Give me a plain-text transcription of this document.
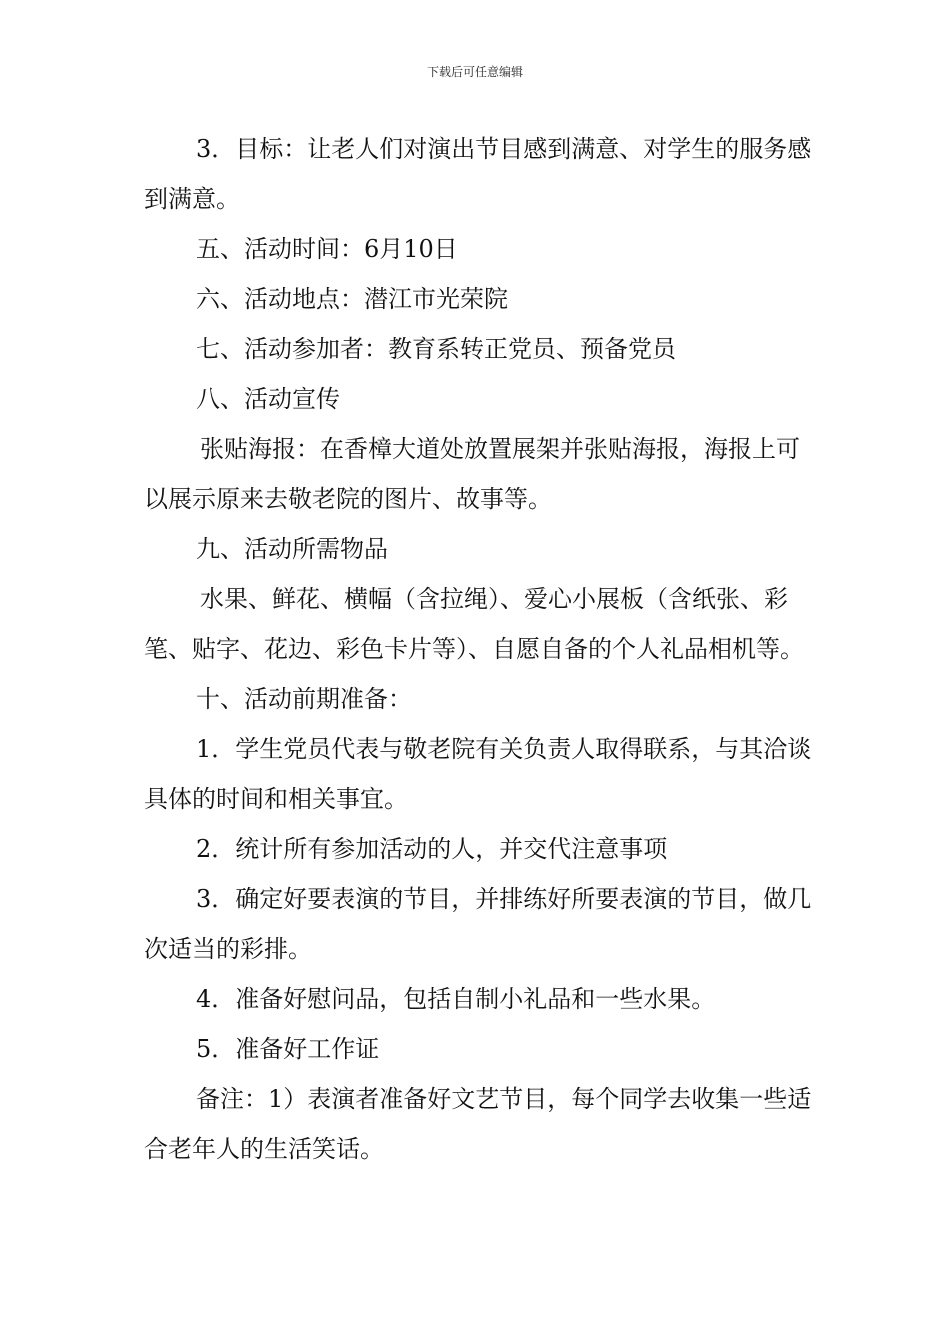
下载后可任意编辑

3．目标：让老人们对演出节目感到满意、对学生的服务感到满意。

五、活动时间：6月10日

六、活动地点：潜江市光荣院

七、活动参加者：教育系转正党员、预备党员

八、活动宣传

张贴海报：在香樟大道处放置展架并张贴海报，海报上可以展示原来去敬老院的图片、故事等。

九、活动所需物品

水果、鲜花、横幅（含拉绳）、爱心小展板（含纸张、彩笔、贴字、花边、彩色卡片等）、自愿自备的个人礼品相机等。

十、活动前期准备：

1．学生党员代表与敬老院有关负责人取得联系，与其洽谈具体的时间和相关事宜。

2．统计所有参加活动的人，并交代注意事项

3．确定好要表演的节目，并排练好所要表演的节目，做几次适当的彩排。

4．准备好慰问品，包括自制小礼品和一些水果。

5．准备好工作证

备注：1）表演者准备好文艺节目，每个同学去收集一些适合老年人的生活笑话。
